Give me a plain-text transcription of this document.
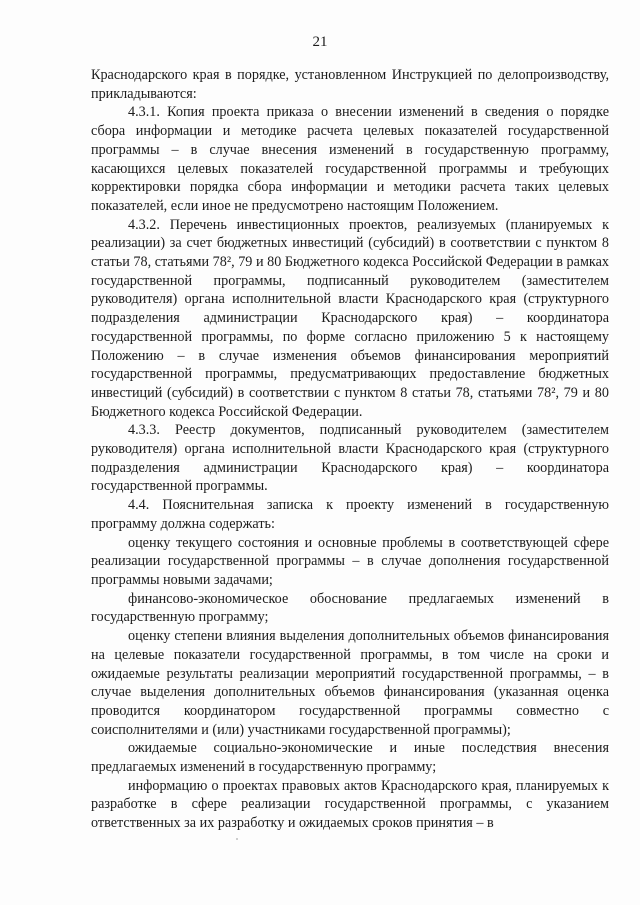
21

Краснодарского края в порядке, установленном Инструкцией по делопроизводству, прикладываются:

4.3.1. Копия проекта приказа о внесении изменений в сведения о порядке сбора информации и методике расчета целевых показателей государственной программы – в случае внесения изменений в государственную программу, касающихся целевых показателей государственной программы и требующих корректировки порядка сбора информации и методики расчета таких целевых показателей, если иное не предусмотрено настоящим Положением.

4.3.2. Перечень инвестиционных проектов, реализуемых (планируемых к реализации) за счет бюджетных инвестиций (субсидий) в соответствии с пунктом 8 статьи 78, статьями 78², 79 и 80 Бюджетного кодекса Российской Федерации в рамках государственной программы, подписанный руководителем (заместителем руководителя) органа исполнительной власти Краснодарского края (структурного подразделения администрации Краснодарского края) – координатора государственной программы, по форме согласно приложению 5 к настоящему Положению – в случае изменения объемов финансирования мероприятий государственной программы, предусматривающих предоставление бюджетных инвестиций (субсидий) в соответствии с пунктом 8 статьи 78, статьями 78², 79 и 80 Бюджетного кодекса Российской Федерации.

4.3.3. Реестр документов, подписанный руководителем (заместителем руководителя) органа исполнительной власти Краснодарского края (структурного подразделения администрации Краснодарского края) – координатора государственной программы.

4.4. Пояснительная записка к проекту изменений в государственную программу должна содержать:

оценку текущего состояния и основные проблемы в соответствующей сфере реализации государственной программы – в случае дополнения государственной программы новыми задачами;

финансово-экономическое обоснование предлагаемых изменений в государственную программу;

оценку степени влияния выделения дополнительных объемов финансирования на целевые показатели государственной программы, в том числе на сроки и ожидаемые результаты реализации мероприятий государственной программы, – в случае выделения дополнительных объемов финансирования (указанная оценка проводится координатором государственной программы совместно с соисполнителями и (или) участниками государственной программы);

ожидаемые социально-экономические и иные последствия внесения предлагаемых изменений в государственную программу;

информацию о проектах правовых актов Краснодарского края, планируемых к разработке в сфере реализации государственной программы, с указанием ответственных за их разработку и ожидаемых сроков принятия – в
